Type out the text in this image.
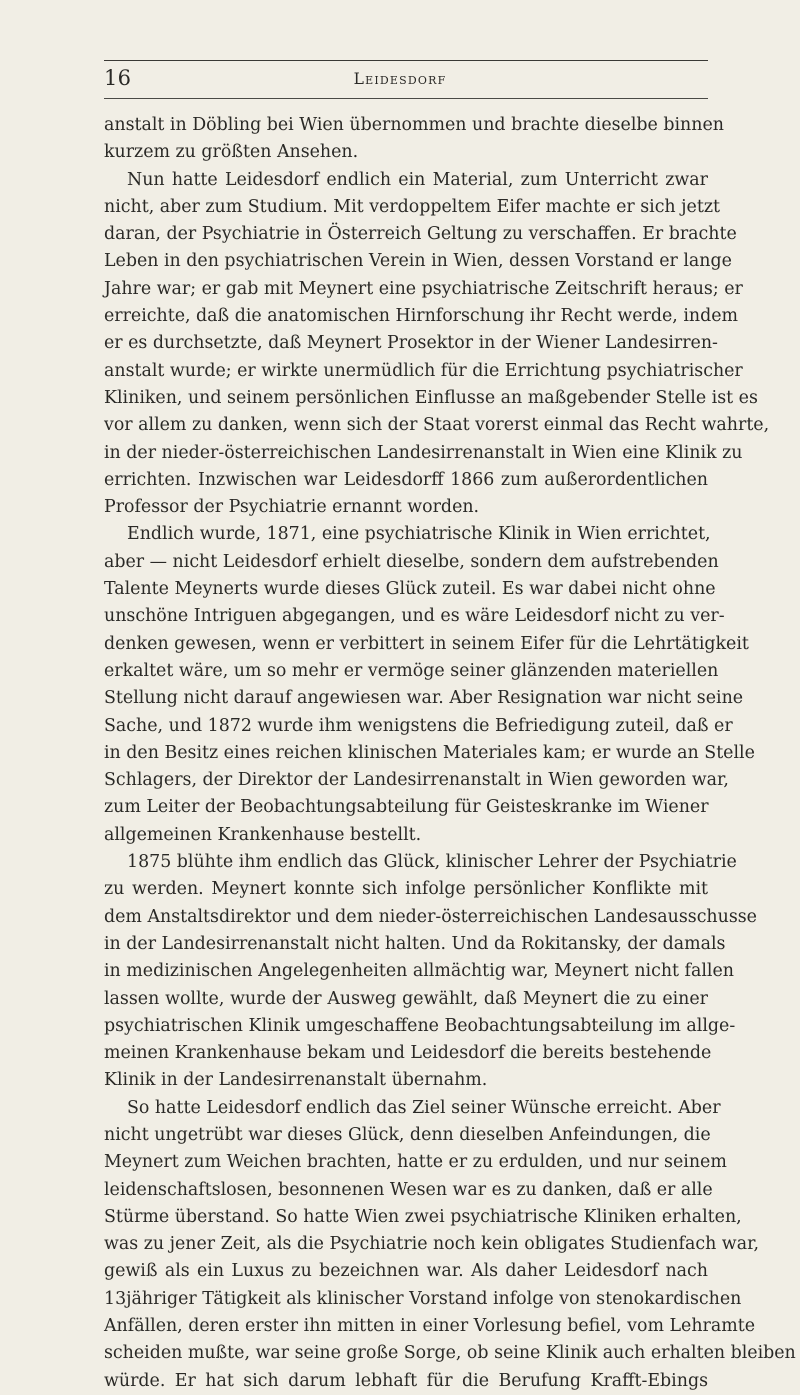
16	Leidesdorf
anstalt in Döbling bei Wien übernommen und brachte dieselbe binnen
kurzem zu größten Ansehen.
Nun hatte Leidesdorf endlich ein Material, zum Unterricht zwar
nicht, aber zum Studium. Mit verdoppeltem Eifer machte er sich jetzt
daran, der Psychiatrie in Österreich Geltung zu verschaffen. Er brachte
Leben in den psychiatrischen Verein in Wien, dessen Vorstand er lange
Jahre war; er gab mit Meynert eine psychiatrische Zeitschrift heraus; er
erreichte, daß die anatomischen Hirnforschung ihr Recht werde, indem
er es durchsetzte, daß Meynert Prosektor in der Wiener Landesirren-
anstalt wurde; er wirkte unermüdlich für die Errichtung psychiatrischer
Kliniken, und seinem persönlichen Einflusse an maßgebender Stelle ist es
vor allem zu danken, wenn sich der Staat vorerst einmal das Recht wahrte,
in der nieder-österreichischen Landesirrenanstalt in Wien eine Klinik zu
errichten. Inzwischen war Leidesdorff 1866 zum außerordentlichen
Professor der Psychiatrie ernannt worden.
Endlich wurde, 1871, eine psychiatrische Klinik in Wien errichtet,
aber — nicht Leidesdorf erhielt dieselbe, sondern dem aufstrebenden
Talente Meynerts wurde dieses Glück zuteil. Es war dabei nicht ohne
unschöne Intriguen abgegangen, und es wäre Leidesdorf nicht zu ver-
denken gewesen, wenn er verbittert in seinem Eifer für die Lehrtätigkeit
erkaltet wäre, um so mehr er vermöge seiner glänzenden materiellen
Stellung nicht darauf angewiesen war. Aber Resignation war nicht seine
Sache, und 1872 wurde ihm wenigstens die Befriedigung zuteil, daß er
in den Besitz eines reichen klinischen Materiales kam; er wurde an Stelle
Schlagers, der Direktor der Landesirrenanstalt in Wien geworden war,
zum Leiter der Beobachtungsabteilung für Geisteskranke im Wiener
allgemeinen Krankenhause bestellt.
1875 blühte ihm endlich das Glück, klinischer Lehrer der Psychiatrie
zu werden. Meynert konnte sich infolge persönlicher Konflikte mit
dem Anstaltsdirektor und dem nieder-österreichischen Landesausschusse
in der Landesirrenanstalt nicht halten. Und da Rokitansky, der damals
in medizinischen Angelegenheiten allmächtig war, Meynert nicht fallen
lassen wollte, wurde der Ausweg gewählt, daß Meynert die zu einer
psychiatrischen Klinik umgeschaffene Beobachtungsabteilung im allge-
meinen Krankenhause bekam und Leidesdorf die bereits bestehende
Klinik in der Landesirrenanstalt übernahm.
So hatte Leidesdorf endlich das Ziel seiner Wünsche erreicht. Aber
nicht ungetrübt war dieses Glück, denn dieselben Anfeindungen, die
Meynert zum Weichen brachten, hatte er zu erdulden, und nur seinem
leidenschaftslosen, besonnenen Wesen war es zu danken, daß er alle
Stürme überstand. So hatte Wien zwei psychiatrische Kliniken erhalten,
was zu jener Zeit, als die Psychiatrie noch kein obligates Studienfach war,
gewiß als ein Luxus zu bezeichnen war. Als daher Leidesdorf nach
13jähriger Tätigkeit als klinischer Vorstand infolge von stenokardischen
Anfällen, deren erster ihn mitten in einer Vorlesung befiel, vom Lehramte
scheiden mußte, war seine große Sorge, ob seine Klinik auch erhalten bleiben
würde. Er hat sich darum lebhaft für die Berufung Krafft-Ebings
